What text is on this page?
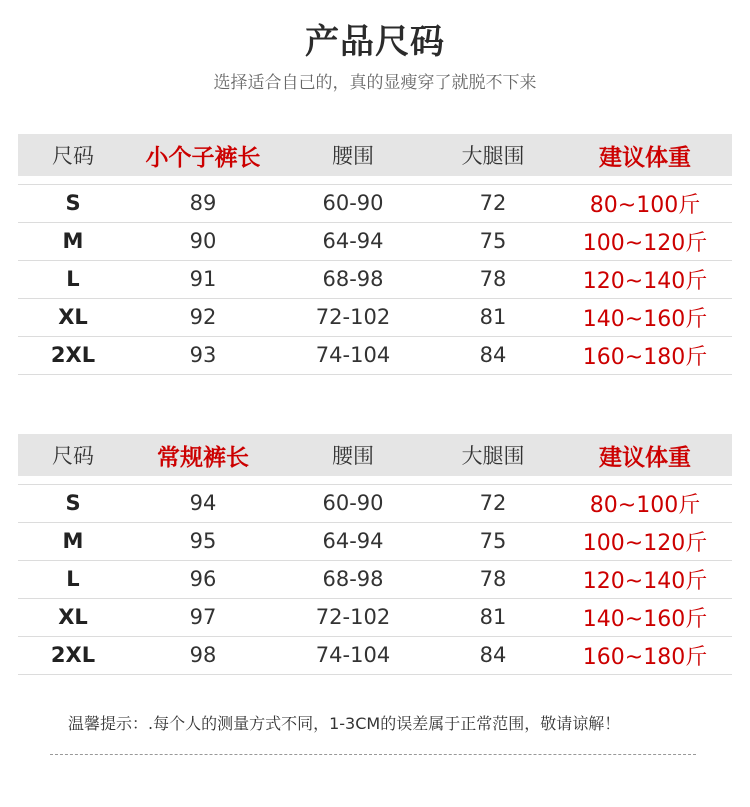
产品尺码
选择适合自己的，真的显瘦穿了就脱不下来
尺码	小个子裤长	腰围	大腿围	建议体重

S	89	60-90	72	80~100斤
M	90	64-94	75	100~120斤
L	91	68-98	78	120~140斤
XL	92	72-102	81	140~160斤
2XL	93	74-104	84	160~180斤
尺码	常规裤长	腰围	大腿围	建议体重

S	94	60-90	72	80~100斤
M	95	64-94	75	100~120斤
L	96	68-98	78	120~140斤
XL	97	72-102	81	140~160斤
2XL	98	74-104	84	160~180斤
温馨提示：.每个人的测量方式不同，1-3CM的误差属于正常范围，敬请谅解！
